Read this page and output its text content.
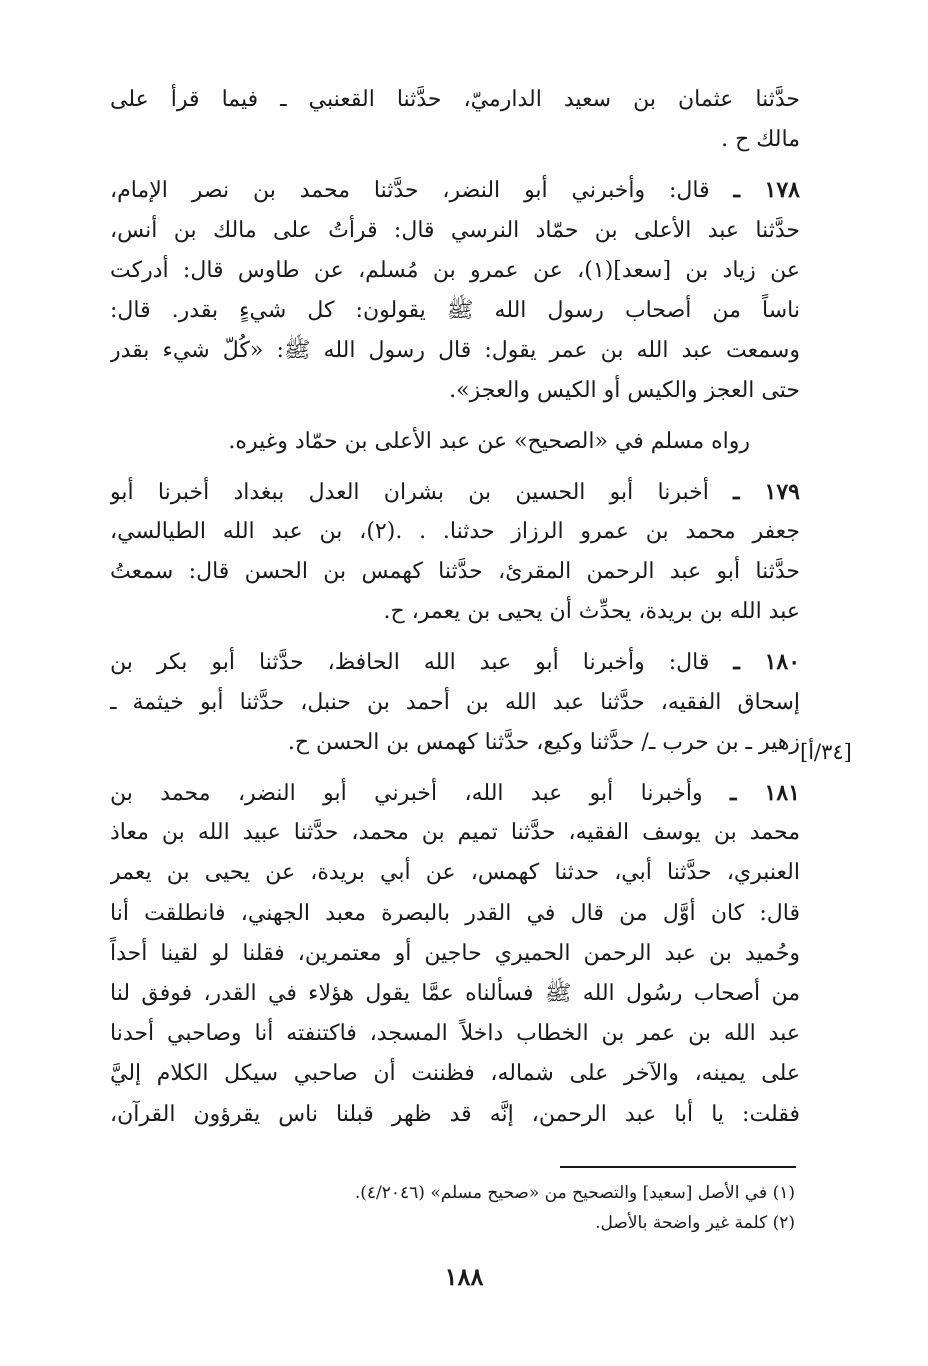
حدَّثنا عثمان بن سعيد الدارميّ، حدَّثنا القعنبي ـ فيما قرأ على
مالك ح .
١٧٨ ـ قال: وأخبرني أبو النضر، حدَّثنا محمد بن نصر الإمام،
حدَّثنا عبد الأعلى بن حمّاد النرسي قال: قرأتُ على مالك بن أنس،
عن زياد بن [سعد](١)، عن عمرو بن مُسلم، عن طاوس قال: أدركت
ناساً من أصحاب رسول الله ﷺ يقولون: كل شيءٍ بقدر. قال:
وسمعت عبد الله بن عمر يقول: قال رسول الله ﷺ: «كُلّ شيء بقدر
حتى العجز والكيس أو الكيس والعجز».
رواه مسلم في «الصحيح» عن عبد الأعلى بن حمّاد وغيره.
١٧٩ ـ أخبرنا أبو الحسين بن بشران العدل ببغداد أخبرنا أبو
جعفر محمد بن عمرو الرزاز حدثنا. . .(٢)، بن عبد الله الطيالسي،
حدَّثنا أبو عبد الرحمن المقرئ، حدَّثنا كهمس بن الحسن قال: سمعتُ
عبد الله بن بريدة، يحدِّث أن يحيى بن يعمر، ح.
١٨٠ ـ قال: وأخبرنا أبو عبد الله الحافظ، حدَّثنا أبو بكر بن
إسحاق الفقيه، حدَّثنا عبد الله بن أحمد بن حنبل، حدَّثنا أبو خيثمة ـ
زهير ـ بن حرب ـ/ حدَّثنا وكيع، حدَّثنا كهمس بن الحسن ح.
١٨١ ـ وأخبرنا أبو عبد الله، أخبرني أبو النضر، محمد بن
محمد بن يوسف الفقيه، حدَّثنا تميم بن محمد، حدَّثنا عبيد الله بن معاذ
العنبري، حدَّثنا أبي، حدثنا كهمس، عن أبي بريدة، عن يحيى بن يعمر
قال: كان أوَّل من قال في القدر بالبصرة معبد الجهني، فانطلقت أنا
وحُميد بن عبد الرحمن الحميري حاجين أو معتمرين، فقلنا لو لقينا أحداً
من أصحاب رسُول الله ﷺ فسألناه عمَّا يقول هؤلاء في القدر، فوفق لنا
عبد الله بن عمر بن الخطاب داخلاً المسجد، فاكتنفته أنا وصاحبي أحدنا
على يمينه، والآخر على شماله، فظننت أن صاحبي سيكل الكلام إليَّ
فقلت: يا أبا عبد الرحمن، إنَّه قد ظهر قبلنا ناس يقرؤون القرآن،
[٣٤/أ]
(١) في الأصل [سعيد] والتصحيح من «صحيح مسلم» (٤/٢٠٤٦).
(٢) كلمة غير واضحة بالأصل.
١٨٨
